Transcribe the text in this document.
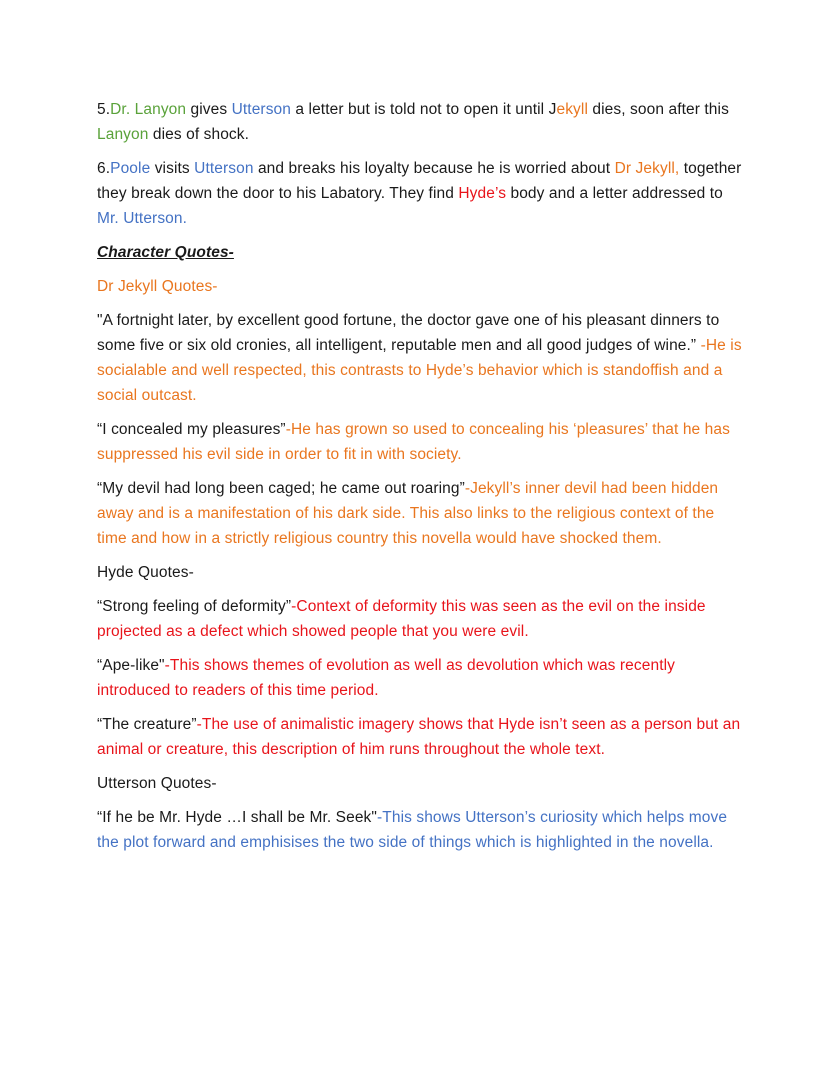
5.Dr. Lanyon gives Utterson a letter but is told not to open it until Jekyll dies, soon after this Lanyon dies of shock.

6.Poole visits Utterson and breaks his loyalty because he is worried about Dr Jekyll, together they break down the door to his Labatory. They find Hyde’s body and a letter addressed to Mr. Utterson.

Character Quotes-

Dr Jekyll Quotes-

"A fortnight later, by excellent good fortune, the doctor gave one of his pleasant dinners to some five or six old cronies, all intelligent, reputable men and all good judges of wine.” -He is socialable and well respected, this contrasts to Hyde’s behavior which is standoffish and a social outcast.

“I concealed my pleasures”-He has grown so used to concealing his ‘pleasures’ that he has suppressed his evil side in order to fit in with society.

“My devil had long been caged; he came out roaring”-Jekyll’s inner devil had been hidden away and is a manifestation of his dark side. This also links to the religious context of the time and how in a strictly religious country this novella would have shocked them.

Hyde Quotes-

“Strong feeling of deformity”-Context of deformity this was seen as the evil on the inside projected as a defect which showed people that you were evil.

“Ape-like"-This shows themes of evolution as well as devolution which was recently introduced to readers of this time period.

“The creature”-The use of animalistic imagery shows that Hyde isn’t seen as a person but an animal or creature, this description of him runs throughout the whole text.

Utterson Quotes-

“If he be Mr. Hyde …I shall be Mr. Seek"-This shows Utterson’s curiosity which helps move the plot forward and emphisises the two side of things which is highlighted in the novella.
